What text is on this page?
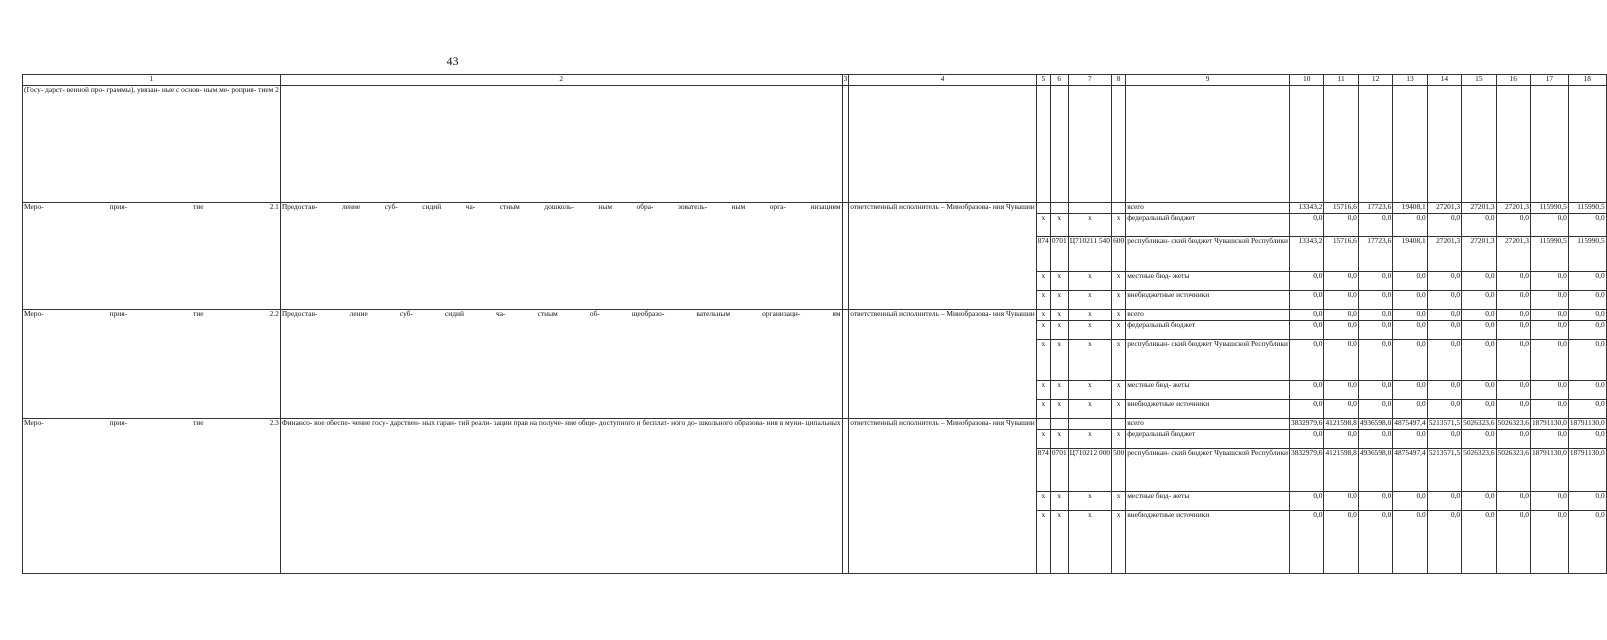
43
1	2	3	4	5	6	7	8	9	10	11	12	13	14	15	16	17	18
(Госу- дарст- венной про- граммы), увязан- ные с основ- ным ме- роприя- тием 2																	
Меро- прия- тие 2.1	Предостав- ление суб- сидий ча- стным дошколь- ным обра- зователь- ным орга- низациям		ответственный исполнитель – Минобразова- ния Чувашии					всего	13343,2	15716,6	17723,6	19408,1	27201,3	27201,3	27201,3	115990,5	115990,5
				x	x	x	x	федеральный бюджет	0,0	0,0	0,0	0,0	0,0	0,0	0,0	0,0	0,0
				874	0701	Ц710211 540	600	республикан- ский бюджет Чувашской Республики	13343,2	15716,6	17723,6	19408,1	27201,3	27201,3	27201,3	115990,5	115990,5
				x	x	x	x	местные бюд- жеты	0,0	0,0	0,0	0,0	0,0	0,0	0,0	0,0	0,0
				x	x	x	x	внебюджетные источники	0,0	0,0	0,0	0,0	0,0	0,0	0,0	0,0	0,0
Меро- прия- тие 2.2	Предостав- ление суб- сидий ча- стным об- щеобразо- вательным организаци- ям		ответственный исполнитель – Минобразова- ния Чувашии	x	x	x	x	всего	0,0	0,0	0,0	0,0	0,0	0,0	0,0	0,0	0,0
				x	x	x	x	федеральный бюджет	0,0	0,0	0,0	0,0	0,0	0,0	0,0	0,0	0,0
				x	x	x	x	республикан- ский бюджет Чувашской Республики	0,0	0,0	0,0	0,0	0,0	0,0	0,0	0,0	0,0
				x	x	x	x	местные бюд- жеты	0,0	0,0	0,0	0,0	0,0	0,0	0,0	0,0	0,0
				x	x	x	x	внебюджетные источники	0,0	0,0	0,0	0,0	0,0	0,0	0,0	0,0	0,0
Меро- прия- тие 2.3	Финансо- вое обеспе- чение госу- дарствен- ных гаран- тий реали- зации прав на получе- ние обще- доступного и бесплат- ного до- школьного образова- ния в муни- ципальных		ответственный исполнитель – Минобразова- ния Чувашии					всего	3832979,6	4121598,8	4936598,0	4875497,4	5213571,5	5026323,6	5026323,6	18791130,0	18791130,0
				x	x	x	x	федеральный бюджет	0,0	0,0	0,0	0,0	0,0	0,0	0,0	0,0	0,0
				874	0701	Ц710212 000	500	республикан- ский бюджет Чувашской Республики	3832979,6	4121598,8	4936598,0	4875497,4	5213571,5	5026323,6	5026323,6	18791130,0	18791130,0
				x	x	x	x	местные бюд- жеты	0,0	0,0	0,0	0,0	0,0	0,0	0,0	0,0	0,0
				x	x	x	x	внебюджетные источники	0,0	0,0	0,0	0,0	0,0	0,0	0,0	0,0	0,0
